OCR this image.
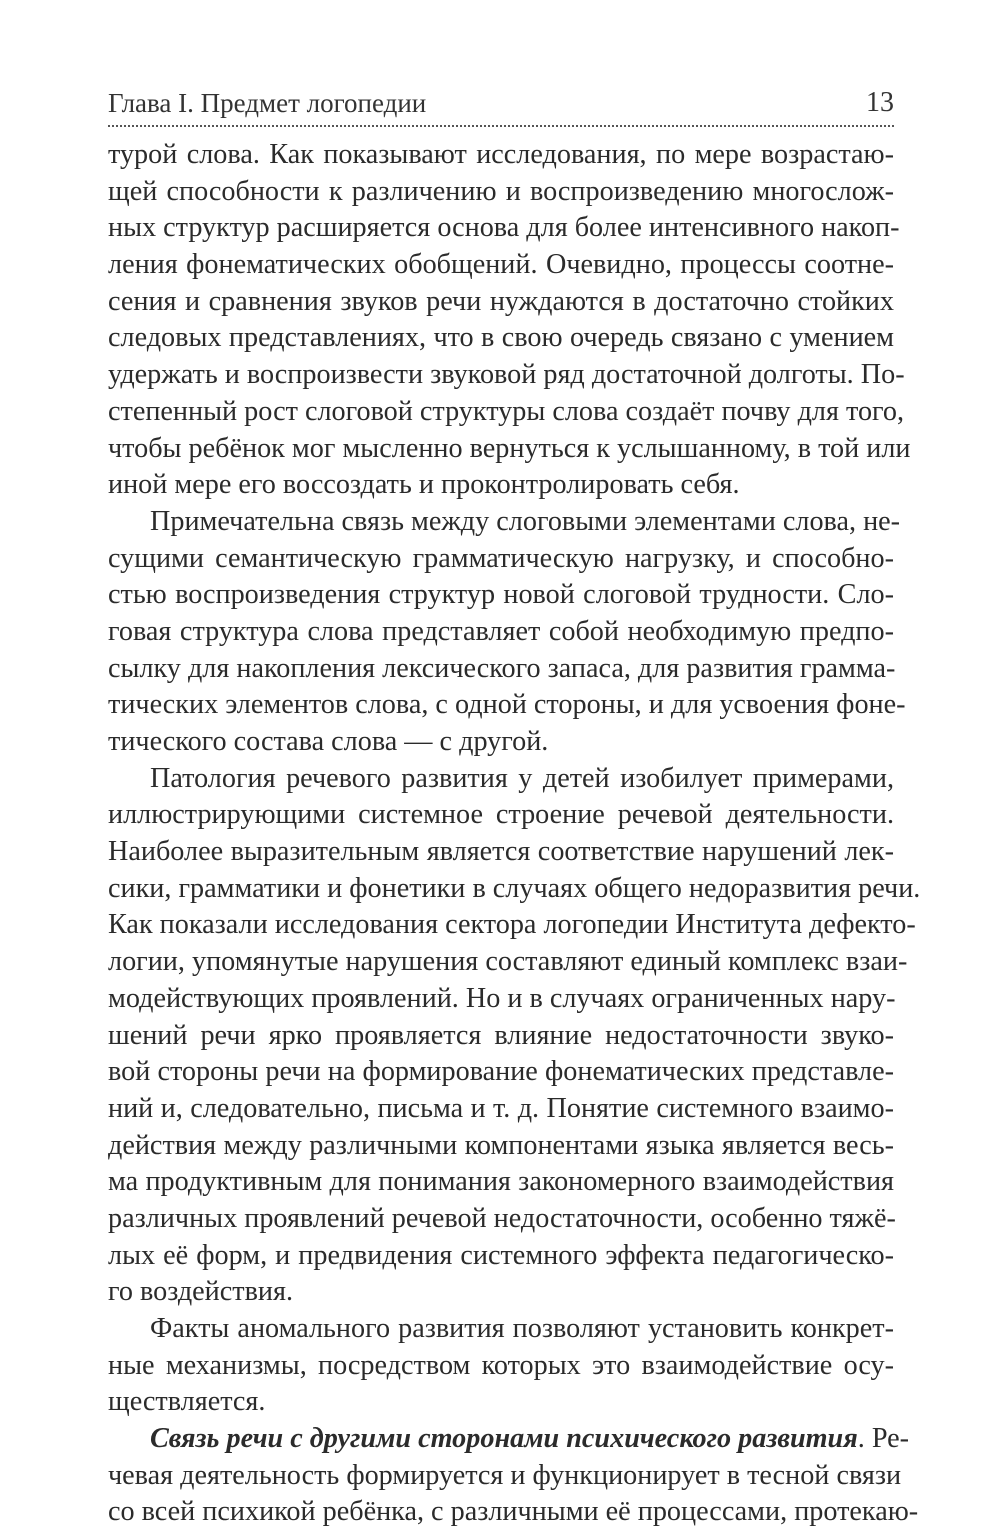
Глава I. Предмет логопедии	13
турой слова. Как показывают исследования, по мере возрастаю-
щей способности к различению и воспроизведению многослож-
ных структур расширяется основа для более интенсивного накоп-
ления фонематических обобщений. Очевидно, процессы соотне-
сения и сравнения звуков речи нуждаются в достаточно стойких
следовых представлениях, что в свою очередь связано с умением
удержать и воспроизвести звуковой ряд достаточной долготы. По-
степенный рост слоговой структуры слова создаёт почву для того,
чтобы ребёнок мог мысленно вернуться к услышанному, в той или
иной мере его воссоздать и проконтролировать себя.
Примечательна связь между слоговыми элементами слова, не-
сущими семантическую грамматическую нагрузку, и способно-
стью воспроизведения структур новой слоговой трудности. Сло-
говая структура слова представляет собой необходимую предпо-
сылку для накопления лексического запаса, для развития грамма-
тических элементов слова, с одной стороны, и для усвоения фоне-
тического состава слова — с другой.
Патология речевого развития у детей изобилует примерами,
иллюстрирующими системное строение речевой деятельности.
Наиболее выразительным является соответствие нарушений лек-
сики, грамматики и фонетики в случаях общего недоразвития речи.
Как показали исследования сектора логопедии Института дефекто-
логии, упомянутые нарушения составляют единый комплекс взаи-
модействующих проявлений. Но и в случаях ограниченных нару-
шений речи ярко проявляется влияние недостаточности звуко-
вой стороны речи на формирование фонематических представле-
ний и, следовательно, письма и т. д. Понятие системного взаимо-
действия между различными компонентами языка является весь-
ма продуктивным для понимания закономерного взаимодействия
различных проявлений речевой недостаточности, особенно тяжё-
лых её форм, и предвидения системного эффекта педагогическо-
го воздействия.
Факты аномального развития позволяют установить конкрет-
ные механизмы, посредством которых это взаимодействие осу-
ществляется.
Связь речи с другими сторонами психического развития. Ре-
чевая деятельность формируется и функционирует в тесной связи
со всей психикой ребёнка, с различными её процессами, протекаю-
